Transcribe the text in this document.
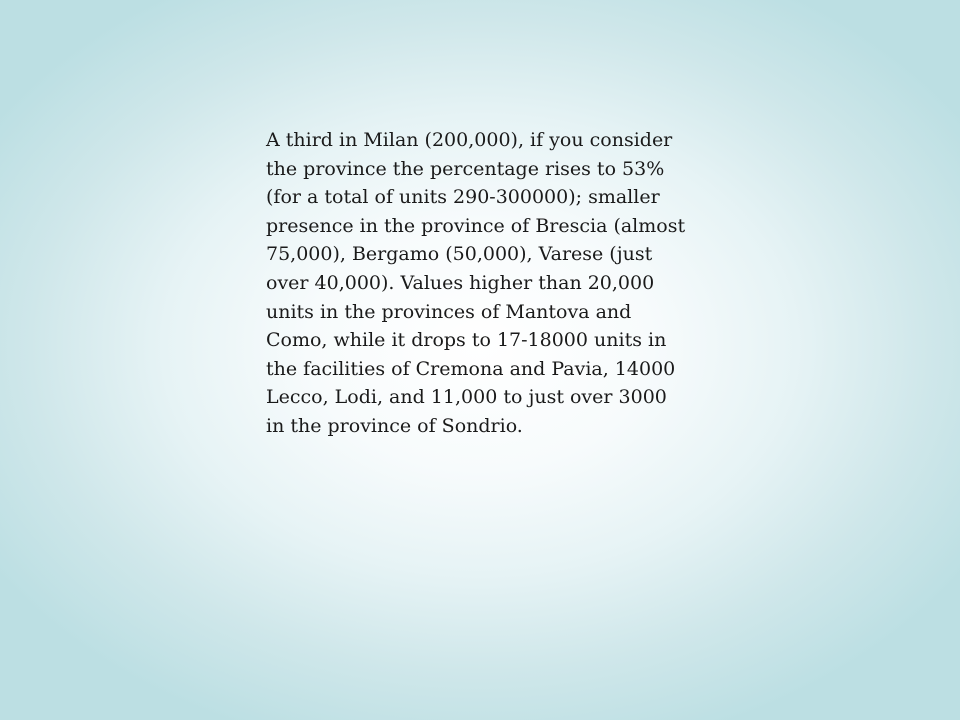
A third in Milan (200,000), if you consider the province the percentage rises to 53% (for a total of units 290-300000); smaller presence in the province of Brescia (almost 75,000), Bergamo (50,000), Varese (just over 40,000). Values higher than 20,000 units in the provinces of Mantova and Como, while it drops to 17-18000 units in the facilities of Cremona and Pavia, 14000 Lecco, Lodi, and 11,000 to just over 3000 in the province of Sondrio.
